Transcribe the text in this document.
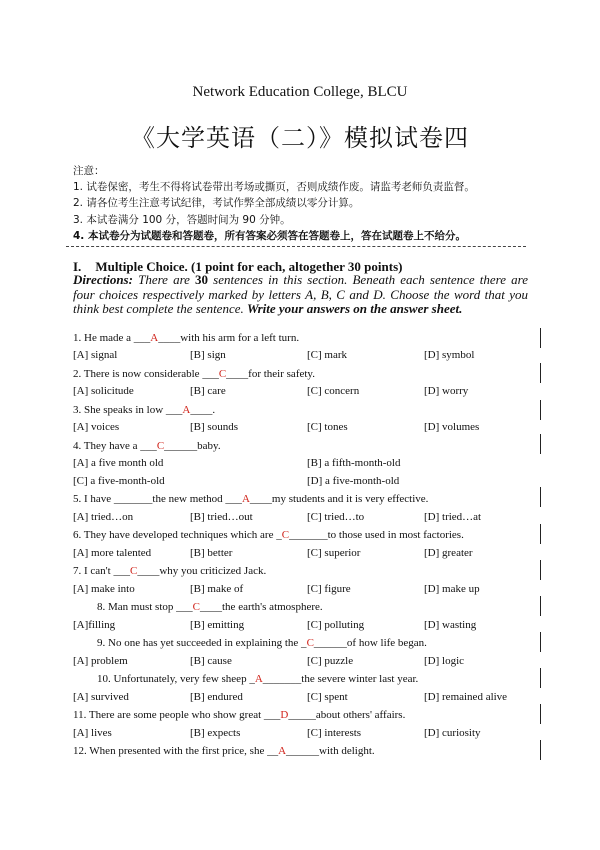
Network Education College, BLCU
《大学英语（二）》模拟试卷四
注意：
1. 试卷保密，考生不得将试卷带出考场或撕页，否则成绩作废。请监考老师负责监督。
2. 请各位考生注意考试纪律，考试作弊全部成绩以零分计算。
3. 本试卷满分 100 分，答题时间为 90 分钟。
4. 本试卷分为试题卷和答题卷，所有答案必须答在答题卷上，答在试题卷上不给分。
I. Multiple Choice. (1 point for each, altogether 30 points)
Directions: There are 30 sentences in this section. Beneath each sentence there are four choices respectively marked by letters A, B, C and D. Choose the word that you think best complete the sentence. Write your answers on the answer sheet.
1. He made a ___A____with his arm for a left turn.
[A] signal	[B] sign	[C] mark	[D] symbol
2. There is now considerable ___C____for their safety.
[A] solicitude	[B] care	[C] concern	[D] worry
3. She speaks in low ___A____.
[A] voices	[B] sounds	[C] tones	[D] volumes
4. They have a ___C______baby.
[A] a five month old	[B] a fifth-month-old
[C] a five-month-old	[D] a five-month-old
5. I have _______the new method ___A____my students and it is very effective.
[A] tried…on	[B] tried…out	[C] tried…to	[D] tried…at
6. They have developed techniques which are _C_______to those used in most factories.
[A] more talented	[B] better	[C] superior	[D] greater
7. I can't ___C____why you criticized Jack.
[A] make into	[B] make of	[C] figure	[D] make up
8. Man must stop ___C____the earth's atmosphere.
[A]filling	[B] emitting	[C] polluting	[D] wasting
9. No one has yet succeeded in explaining the _C______of how life began.
[A] problem	[B] cause	[C] puzzle	[D] logic
10. Unfortunately, very few sheep _A_______the severe winter last year.
[A] survived	[B] endured	[C] spent	[D] remained alive
11. There are some people who show great ___D_____about others' affairs.
[A] lives	[B] expects	[C] interests	[D] curiosity
12. When presented with the first price, she __A______with delight.
